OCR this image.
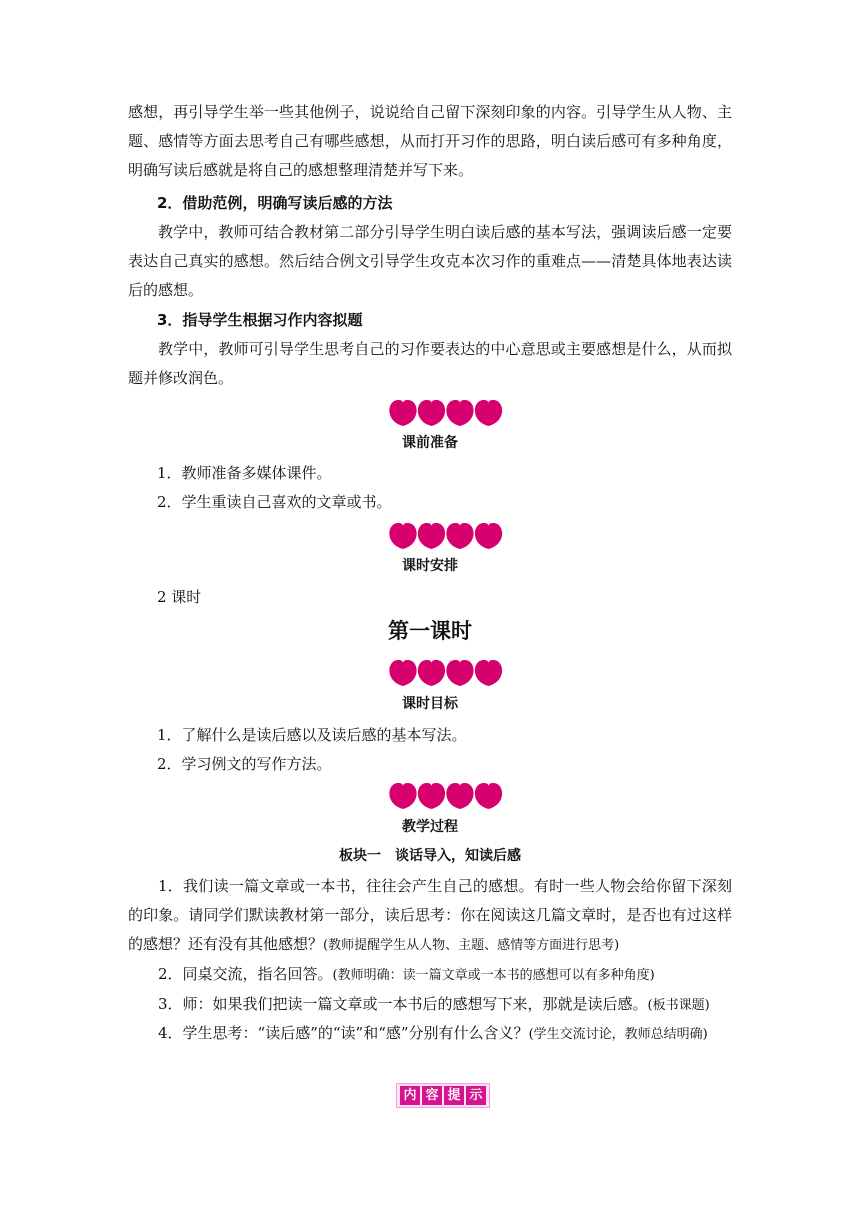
感想，再引导学生举一些其他例子，说说给自己留下深刻印象的内容。引导学生从人物、主题、感情等方面去思考自己有哪些感想，从而打开习作的思路，明白读后感可有多种角度，明确写读后感就是将自己的感想整理清楚并写下来。

2．借助范例，明确写读后感的方法

教学中，教师可结合教材第二部分引导学生明白读后感的基本写法，强调读后感一定要表达自己真实的感想。然后结合例文引导学生攻克本次习作的重难点——清楚具体地表达读后的感想。

3．指导学生根据习作内容拟题

教学中，教师可引导学生思考自己的习作要表达的中心意思或主要感想是什么，从而拟题并修改润色。

课前准备

1．教师准备多媒体课件。

2．学生重读自己喜欢的文章或书。

课时安排

2 课时

第一课时

课时目标

1．了解什么是读后感以及读后感的基本写法。

2．学习例文的写作方法。

教学过程

板块一　谈话导入，知读后感

1．我们读一篇文章或一本书，往往会产生自己的感想。有时一些人物会给你留下深刻的印象。请同学们默读教材第一部分，读后思考：你在阅读这几篇文章时，是否也有过这样的感想？还有没有其他感想？(教师提醒学生从人物、主题、感情等方面进行思考)

2．同桌交流，指名回答。(教师明确：读一篇文章或一本书的感想可以有多种角度)

3．师：如果我们把读一篇文章或一本书后的感想写下来，那就是读后感。(板书课题)

4．学生思考：“读后感”的“读”和“感”分别有什么含义？(学生交流讨论，教师总结明确)

内 容 提 示
